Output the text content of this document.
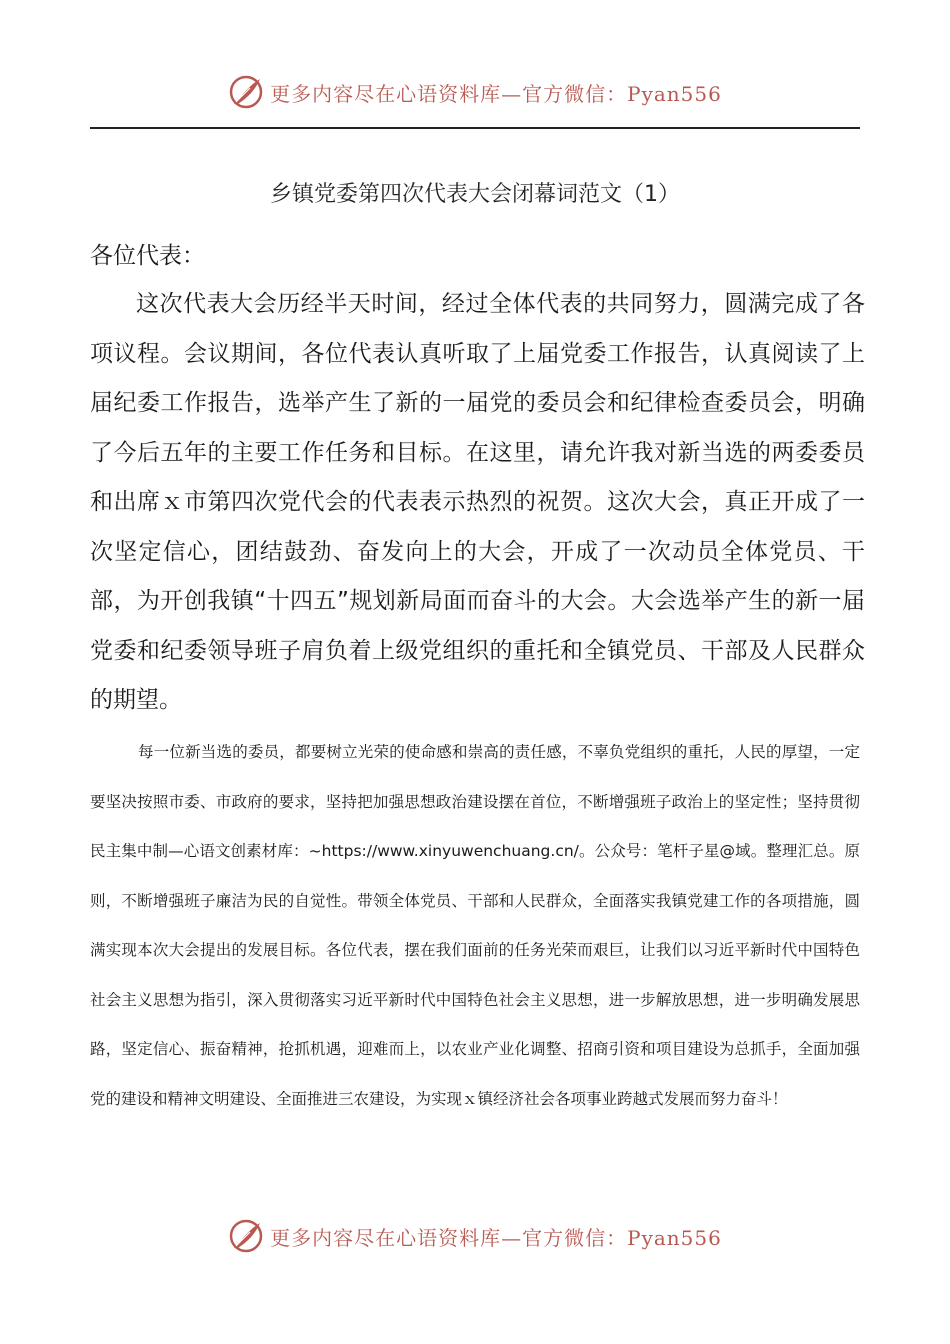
更多内容尽在心语资料库—官方微信：Pyan556
乡镇党委第四次代表大会闭幕词范文（1）
各位代表：

这次代表大会历经半天时间，经过全体代表的共同努力，圆满完成了各项议程。会议期间，各位代表认真听取了上届党委工作报告，认真阅读了上届纪委工作报告，选举产生了新的一届党的委员会和纪律检查委员会，明确了今后五年的主要工作任务和目标。在这里，请允许我对新当选的两委委员和出席ｘ市第四次党代会的代表表示热烈的祝贺。这次大会，真正开成了一次坚定信心，团结鼓劲、奋发向上的大会，开成了一次动员全体党员、干部，为开创我镇“十四五”规划新局面而奋斗的大会。大会选举产生的新一届党委和纪委领导班子肩负着上级党组织的重托和全镇党员、干部及人民群众的期望。

每一位新当选的委员，都要树立光荣的使命感和崇高的责任感，不辜负党组织的重托，人民的厚望，一定要坚决按照市委、市政府的要求，坚持把加强思想政治建设摆在首位，不断增强班子政治上的坚定性；坚持贯彻民主集中制—心语文创素材库：~https://www.xinyuwenchuang.cn/。公众号：笔杆子星@域。整理汇总。原则，不断增强班子廉洁为民的自觉性。带领全体党员、干部和人民群众，全面落实我镇党建工作的各项措施，圆满实现本次大会提出的发展目标。各位代表，摆在我们面前的任务光荣而艰巨，让我们以习近平新时代中国特色社会主义思想为指引，深入贯彻落实习近平新时代中国特色社会主义思想，进一步解放思想，进一步明确发展思路，坚定信心、振奋精神，抢抓机遇，迎难而上，以农业产业化调整、招商引资和项目建设为总抓手，全面加强党的建设和精神文明建设、全面推进三农建设，为实现ｘ镇经济社会各项事业跨越式发展而努力奋斗！

更多内容尽在心语资料库—官方微信：Pyan556
